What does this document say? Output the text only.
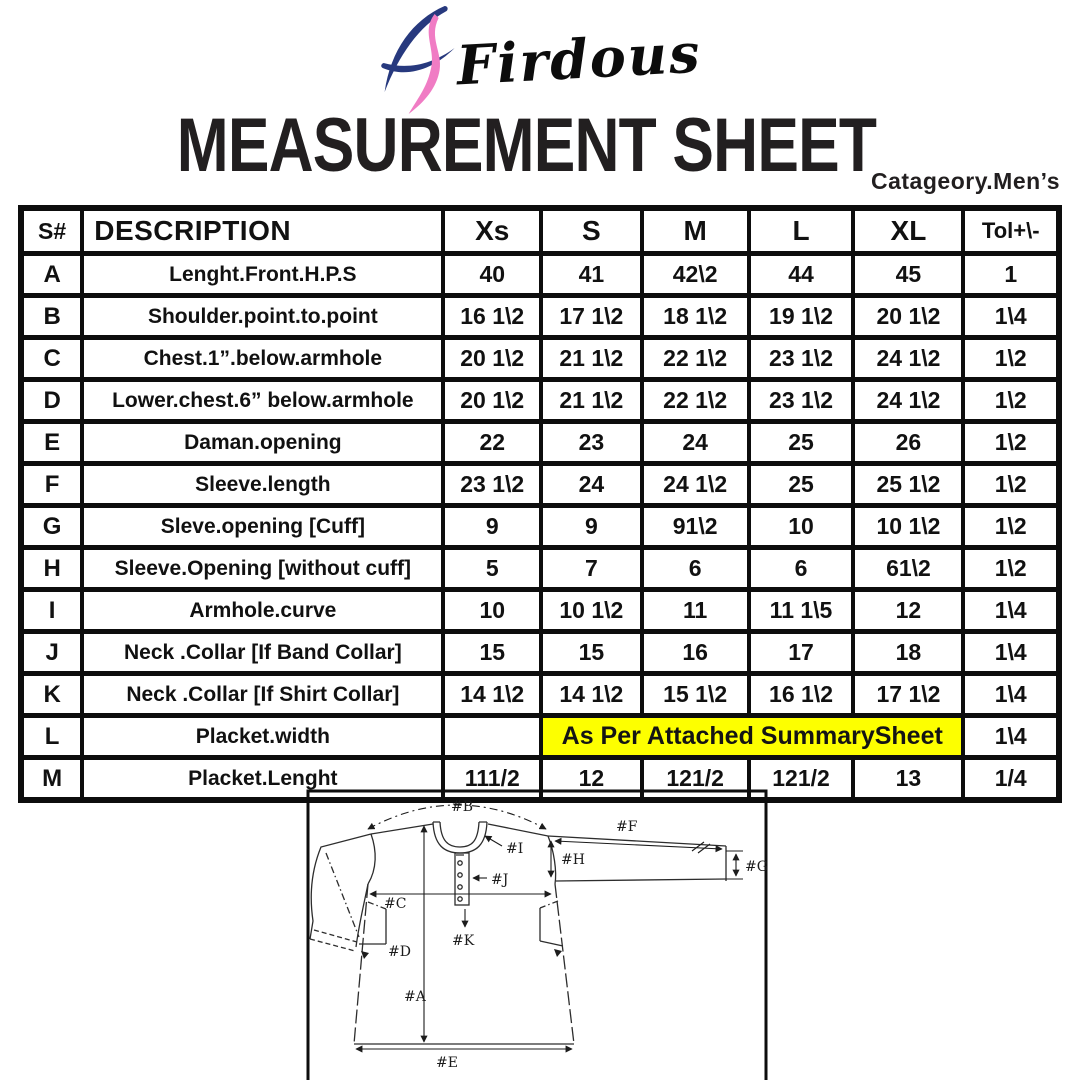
Firdous
MEASUREMENT SHEET
Catageory.Men’s
S#	DESCRIPTION	Xs	S	M	L	XL	Tol+\-
A	Lenght.Front.H.P.S	40	41	42\2	44	45	1
B	Shoulder.point.to.point	16 1\2	17 1\2	18 1\2	19 1\2	20 1\2	1\4
C	Chest.1”.below.armhole	20 1\2	21 1\2	22 1\2	23 1\2	24 1\2	1\2
D	Lower.chest.6” below.armhole	20 1\2	21 1\2	22 1\2	23 1\2	24 1\2	1\2
E	Daman.opening	22	23	24	25	26	1\2
F	Sleeve.length	23 1\2	24	24 1\2	25	25 1\2	1\2
G	Sleve.opening [Cuff]	9	9	91\2	10	10 1\2	1\2
H	Sleeve.Opening [without cuff]	5	7	6	6	61\2	1\2
I	Armhole.curve	10	10 1\2	11	11 1\5	12	1\4
J	Neck .Collar [If Band Collar]	15	15	16	17	18	1\4
K	Neck .Collar [If Shirt Collar]	14 1\2	14 1\2	15 1\2	16 1\2	17 1\2	1\4
L	Placket.width		As Per Attached SummarySheet				1\4
M	Placket.Lenght	111/2	12	121/2	121/2	13	1/4
#B
#F
#H	#G
#I
#J
#C
#K
#D
#A
#E
